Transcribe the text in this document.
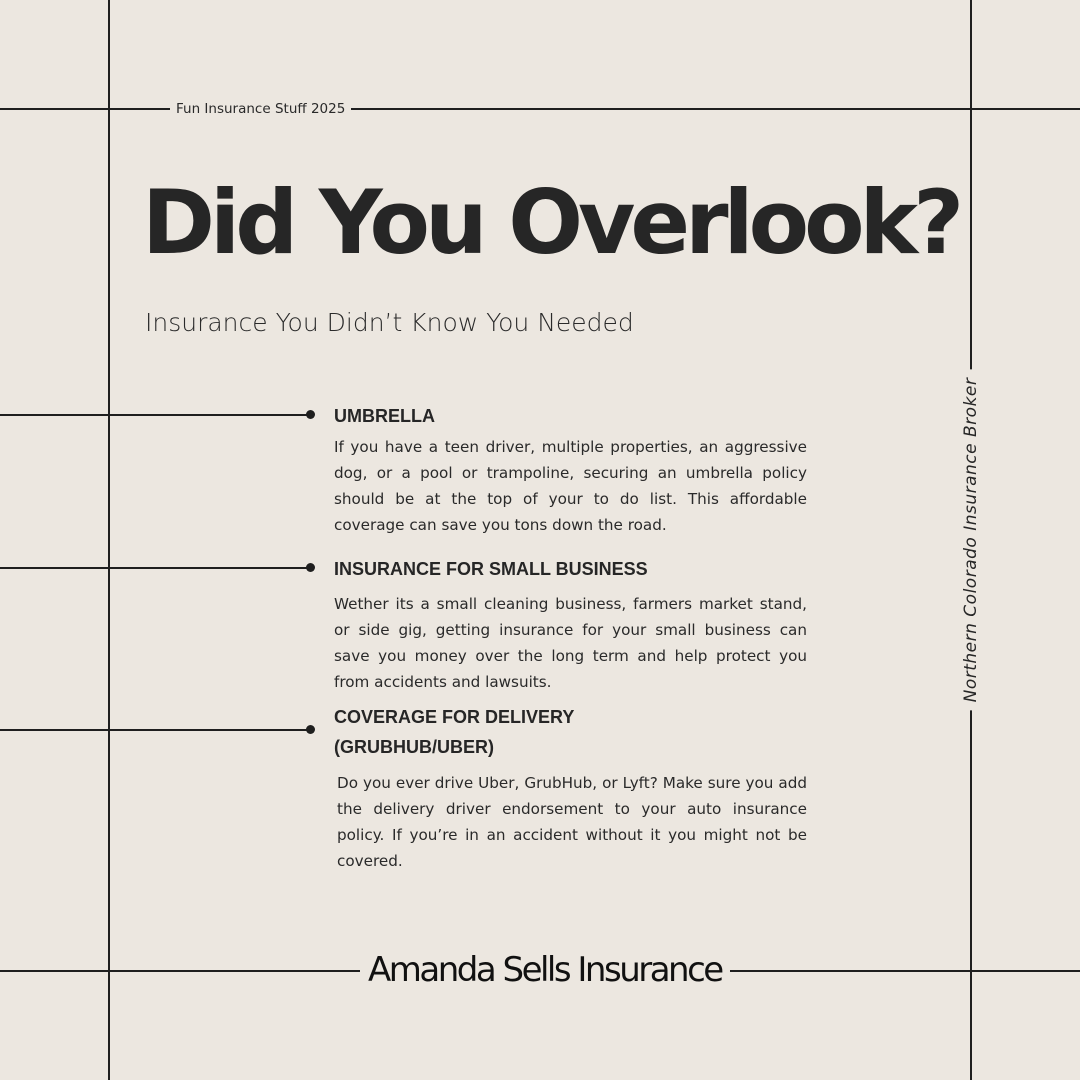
Fun Insurance Stuff 2025
Did You Overlook?
Insurance You Didn’t Know You Needed
UMBRELLA

If you have a teen driver, multiple properties, an aggressive dog, or a pool or trampoline, securing an umbrella policy should be at the top of your to do list. This affordable coverage can save you tons down the road.

INSURANCE FOR SMALL BUSINESS

Wether its a small cleaning business, farmers market stand, or side gig, getting insurance for your small business can save you money over the long term and help protect you from accidents and lawsuits.

COVERAGE FOR DELIVERY
(GRUBHUB/UBER)

Do you ever drive Uber, GrubHub, or Lyft? Make sure you add the delivery driver endorsement to your auto insurance policy. If you’re in an accident without it you might not be covered.

Northern Colorado Insurance Broker
Amanda Sells Insurance
